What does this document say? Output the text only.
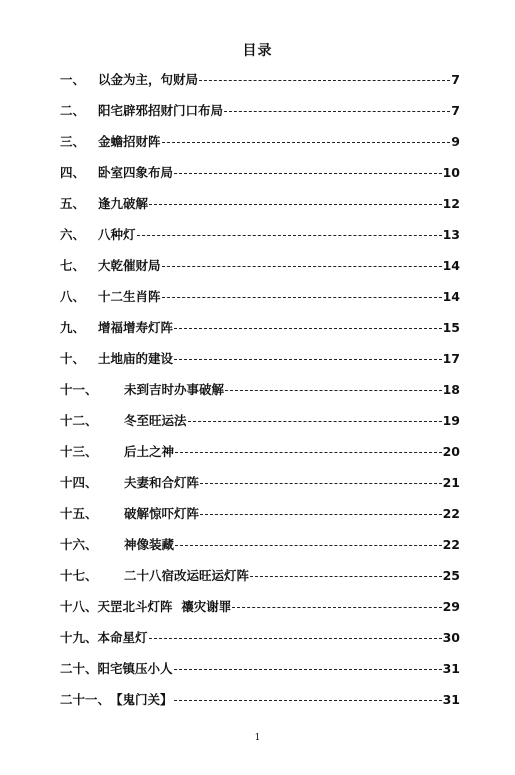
目录
一、	以金为主，句财局	7
二、	阳宅辟邪招财门口布局	7
三、	金蟾招财阵	9
四、	卧室四象布局	10
五、	逢九破解	12
六、	八种灯	13
七、	大乾催财局	14
八、	十二生肖阵	14
九、	增福增寿灯阵	15
十、	土地庙的建设	17
十一、	未到吉时办事破解	18
十二、	冬至旺运法	19
十三、	后土之神	20
十四、	夫妻和合灯阵	21
十五、	破解惊吓灯阵	22
十六、	神像装藏	22
十七、	二十八宿改运旺运灯阵	25
十八、 天罡北斗灯阵  禳灾谢罪	29
十九、 本命星灯	30
二十、 阳宅镇压小人	31
二十一、 【鬼门关】	31
1
